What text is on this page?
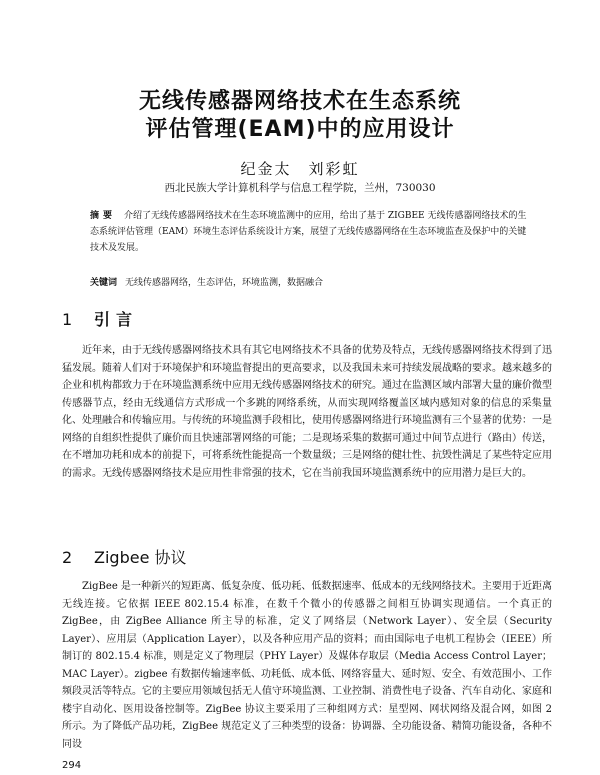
无线传感器网络技术在生态系统
评估管理(EAM)中的应用设计
纪金太　刘彩虹
西北民族大学计算机科学与信息工程学院，兰州，730030
摘要 介绍了无线传感器网络技术在生态环境监测中的应用，给出了基于 ZIGBEE 无线传感器网络技术的生态系统评估管理（EAM）环境生态评估系统设计方案，展望了无线传感器网络在生态环境监查及保护中的关键技术及发展。
关键词 无线传感器网络，生态评估，环境监测，数据融合
1 引言
近年来，由于无线传感器网络技术具有其它电网络技术不具备的优势及特点，无线传感器网络技术得到了迅猛发展。随着人们对于环境保护和环境监督提出的更高要求，以及我国未来可持续发展战略的要求。越来越多的企业和机构都致力于在环境监测系统中应用无线传感器网络技术的研究。通过在监测区域内部署大量的廉价微型传感器节点，经由无线通信方式形成一个多跳的网络系统，从而实现网络覆盖区域内感知对象的信息的采集量化、处理融合和传输应用。与传统的环境监测手段相比，使用传感器网络进行环境监测有三个显著的优势：一是网络的自组织性提供了廉价而且快速部署网络的可能；二是现场采集的数据可通过中间节点进行（路由）传送，在不增加功耗和成本的前提下，可将系统性能提高一个数量级；三是网络的健壮性、抗毁性满足了某些特定应用的需求。无线传感器网络技术是应用性非常强的技术，它在当前我国环境监测系统中的应用潜力是巨大的。
2 Zigbee 协议
ZigBee 是一种新兴的短距离、低复杂度、低功耗、低数据速率、低成本的无线网络技术。主要用于近距离无线连接。它依据 IEEE 802.15.4 标准，在数千个微小的传感器之间相互协调实现通信。一个真正的 ZigBee，由 ZigBee Alliance 所主导的标准，定义了网络层（Network Layer）、安全层（Security Layer）、应用层（Application Layer），以及各种应用产品的资料；而由国际电子电机工程协会（IEEE）所制订的 802.15.4 标准，则是定义了物理层（PHY Layer）及媒体存取层（Media Access Control Layer；MAC Layer）。zigbee 有数据传输速率低、功耗低、成本低、网络容量大、延时短、安全、有效范围小、工作频段灵活等特点。它的主要应用领域包括无人值守环境监测、工业控制、消费性电子设备、汽车自动化、家庭和楼宇自动化、医用设备控制等。ZigBee 协议主要采用了三种组网方式：星型网、网状网络及混合网，如图 2 所示。为了降低产品功耗，ZigBee 规范定义了三种类型的设备：协调器、全功能设备、精简功能设备，各种不同设
294
